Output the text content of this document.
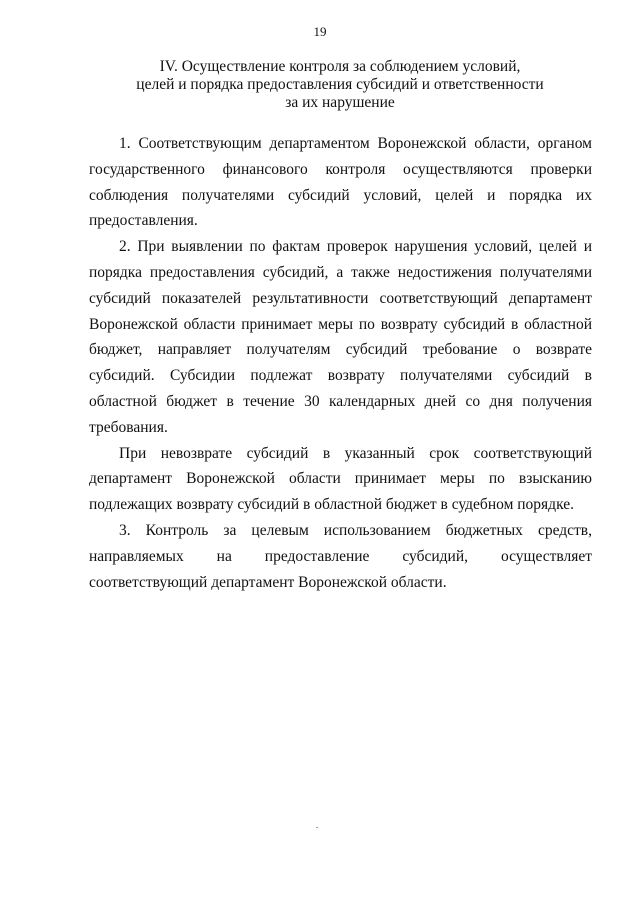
19
IV. Осуществление контроля за соблюдением условий,
целей и порядка предоставления субсидий и ответственности
за их нарушение

1. Соответствующим департаментом Воронежской области, органом государственного финансового контроля осуществляются проверки соблюдения получателями субсидий условий, целей и порядка их предоставления.

2. При выявлении по фактам проверок нарушения условий, целей и порядка предоставления субсидий, а также недостижения получателями субсидий показателей результативности соответствующий департамент Воронежской области принимает меры по возврату субсидий в областной бюджет, направляет получателям субсидий требование о возврате субсидий. Субсидии подлежат возврату получателями субсидий в областной бюджет в течение 30 календарных дней со дня получения требования.

При невозврате субсидий в указанный срок соответствующий департамент Воронежской области принимает меры по взысканию подлежащих возврату субсидий в областной бюджет в судебном порядке.

3. Контроль за целевым использованием бюджетных средств, направляемых на предоставление субсидий, осуществляет соответствующий департамент Воронежской области.
